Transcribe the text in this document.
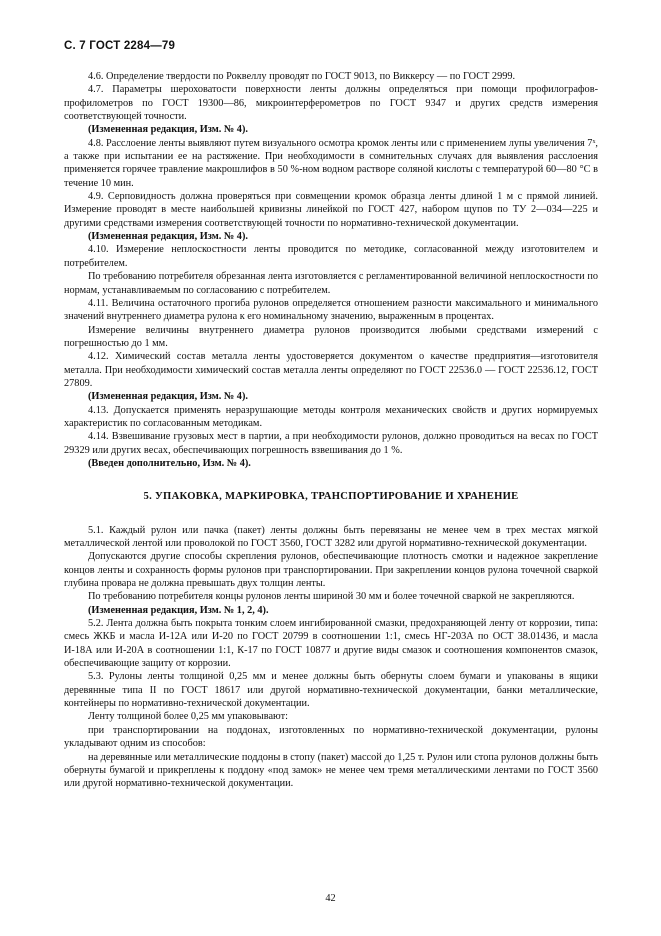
С. 7 ГОСТ 2284—79

4.6. Определение твердости по Роквеллу проводят по ГОСТ 9013, по Виккерсу — по ГОСТ 2999.

4.7. Параметры шероховатости поверхности ленты должны определяться при помощи профилографов-профилометров по ГОСТ 19300—86, микроинтерферометров по ГОСТ 9347 и других средств измерения соответствующей точности.

(Измененная редакция, Изм. № 4).

4.8. Расслоение ленты выявляют путем визуального осмотра кромок ленты или с применением лупы увеличения 7ˣ, а также при испытании ее на растяжение. При необходимости в сомнительных случаях для выявления расслоения применяется горячее травление макрошлифов в 50 %-ном водном растворе соляной кислоты с температурой 60—80 °С в течение 10 мин.

4.9. Серповидность должна проверяться при совмещении кромок образца ленты длиной 1 м с прямой линией. Измерение проводят в месте наибольшей кривизны линейкой по ГОСТ 427, набором щупов по ТУ 2—034—225 и другими средствами измерения соответствующей точности по нормативно-технической документации.

(Измененная редакция, Изм. № 4).

4.10. Измерение неплоскостности ленты проводится по методике, согласованной между изготовителем и потребителем.

По требованию потребителя обрезанная лента изготовляется с регламентированной величиной неплоскостности по нормам, устанавливаемым по согласованию с потребителем.

4.11. Величина остаточного прогиба рулонов определяется отношением разности максимального и минимального значений внутреннего диаметра рулона к его номинальному значению, выраженным в процентах.

Измерение величины внутреннего диаметра рулонов производится любыми средствами измерений с погрешностью до 1 мм.

4.12. Химический состав металла ленты удостоверяется документом о качестве предприятия—изготовителя металла. При необходимости химический состав металла ленты определяют по ГОСТ 22536.0 — ГОСТ 22536.12, ГОСТ 27809.

(Измененная редакция, Изм. № 4).

4.13. Допускается применять неразрушающие методы контроля механических свойств и других нормируемых характеристик по согласованным методикам.

4.14. Взвешивание грузовых мест в партии, а при необходимости рулонов, должно проводиться на весах по ГОСТ 29329 или других весах, обеспечивающих погрешность взвешивания до 1 %.

(Введен дополнительно, Изм. № 4).

5. УПАКОВКА, МАРКИРОВКА, ТРАНСПОРТИРОВАНИЕ И ХРАНЕНИЕ

5.1. Каждый рулон или пачка (пакет) ленты должны быть перевязаны не менее чем в трех местах мягкой металлической лентой или проволокой по ГОСТ 3560, ГОСТ 3282 или другой нормативно-технической документации.

Допускаются другие способы скрепления рулонов, обеспечивающие плотность смотки и надежное закрепление концов ленты и сохранность формы рулонов при транспортировании. При закреплении концов рулона точечной сваркой глубина провара не должна превышать двух толщин ленты.

По требованию потребителя концы рулонов ленты шириной 30 мм и более точечной сваркой не закрепляются.

(Измененная редакция, Изм. № 1, 2, 4).

5.2. Лента должна быть покрыта тонким слоем ингибированной смазки, предохраняющей ленту от коррозии, типа: смесь ЖКБ и масла И-12А или И-20 по ГОСТ 20799 в соотношении 1:1, смесь НГ-203А по ОСТ 38.01436, и масла И-18А или И-20А в соотношении 1:1, К-17 по ГОСТ 10877 и другие виды смазок и соотношения компонентов смазок, обеспечивающие защиту от коррозии.

5.3. Рулоны ленты толщиной 0,25 мм и менее должны быть обернуты слоем бумаги и упакованы в ящики деревянные типа II по ГОСТ 18617 или другой нормативно-технической документации, банки металлические, контейнеры по нормативно-технической документации.

Ленту толщиной более 0,25 мм упаковывают:

при транспортировании на поддонах, изготовленных по нормативно-технической документации, рулоны укладывают одним из способов:

на деревянные или металлические поддоны в стопу (пакет) массой до 1,25 т. Рулон или стопа рулонов должны быть обернуты бумагой и прикреплены к поддону «под замок» не менее чем тремя металлическими лентами по ГОСТ 3560 или другой нормативно-технической документации.

42
